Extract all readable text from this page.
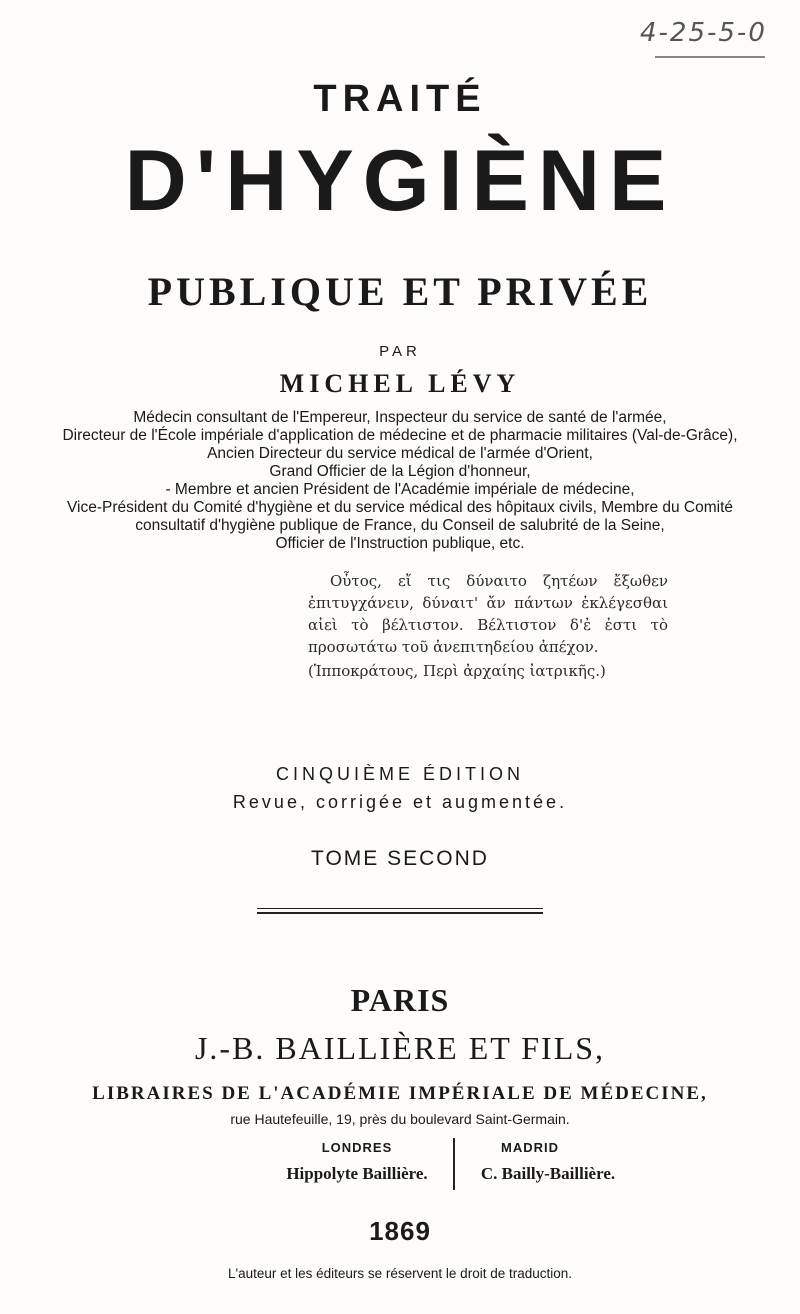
4-25-5-0
TRAITÉ
D'HYGIÈNE
PUBLIQUE ET PRIVÉE
PAR
MICHEL LÉVY
Médecin consultant de l'Empereur, Inspecteur du service de santé de l'armée,
Directeur de l'École impériale d'application de médecine et de pharmacie militaires (Val-de-Grâce),
Ancien Directeur du service médical de l'armée d'Orient,
Grand Officier de la Légion d'honneur,
- Membre et ancien Président de l'Académie impériale de médecine,
Vice-Président du Comité d'hygiène et du service médical des hôpitaux civils, Membre du Comité
consultatif d'hygiène publique de France, du Conseil de salubrité de la Seine,
Officier de l'Instruction publique, etc.

Οὗτος, εἴ τις δύναιτο ζητέων ἔξωθεν ἐπιτυγχάνειν, δύναιτ' ἄν πάντων ἐκλέγεσθαι αἰεὶ τὸ βέλτιστον. Βέλτιστον δ'ἐ ἐστι τὸ προσωτάτω τοῦ ἀνεπιτηδείου ἀπέχον.

(Ἱπποκράτους, Περὶ ἀρχαίης ἰατρικῆς.)

CINQUIÈME ÉDITION
Revue, corrigée et augmentée.
TOME SECOND
PARIS
J.-B. BAILLIÈRE ET FILS,
LIBRAIRES DE L'ACADÉMIE IMPÉRIALE DE MÉDECINE,
rue Hautefeuille, 19, près du boulevard Saint-Germain.
LONDRES
Hippolyte Baillière.
MADRID
C. Bailly-Baillière.
1869
L'auteur et les éditeurs se réservent le droit de traduction.
